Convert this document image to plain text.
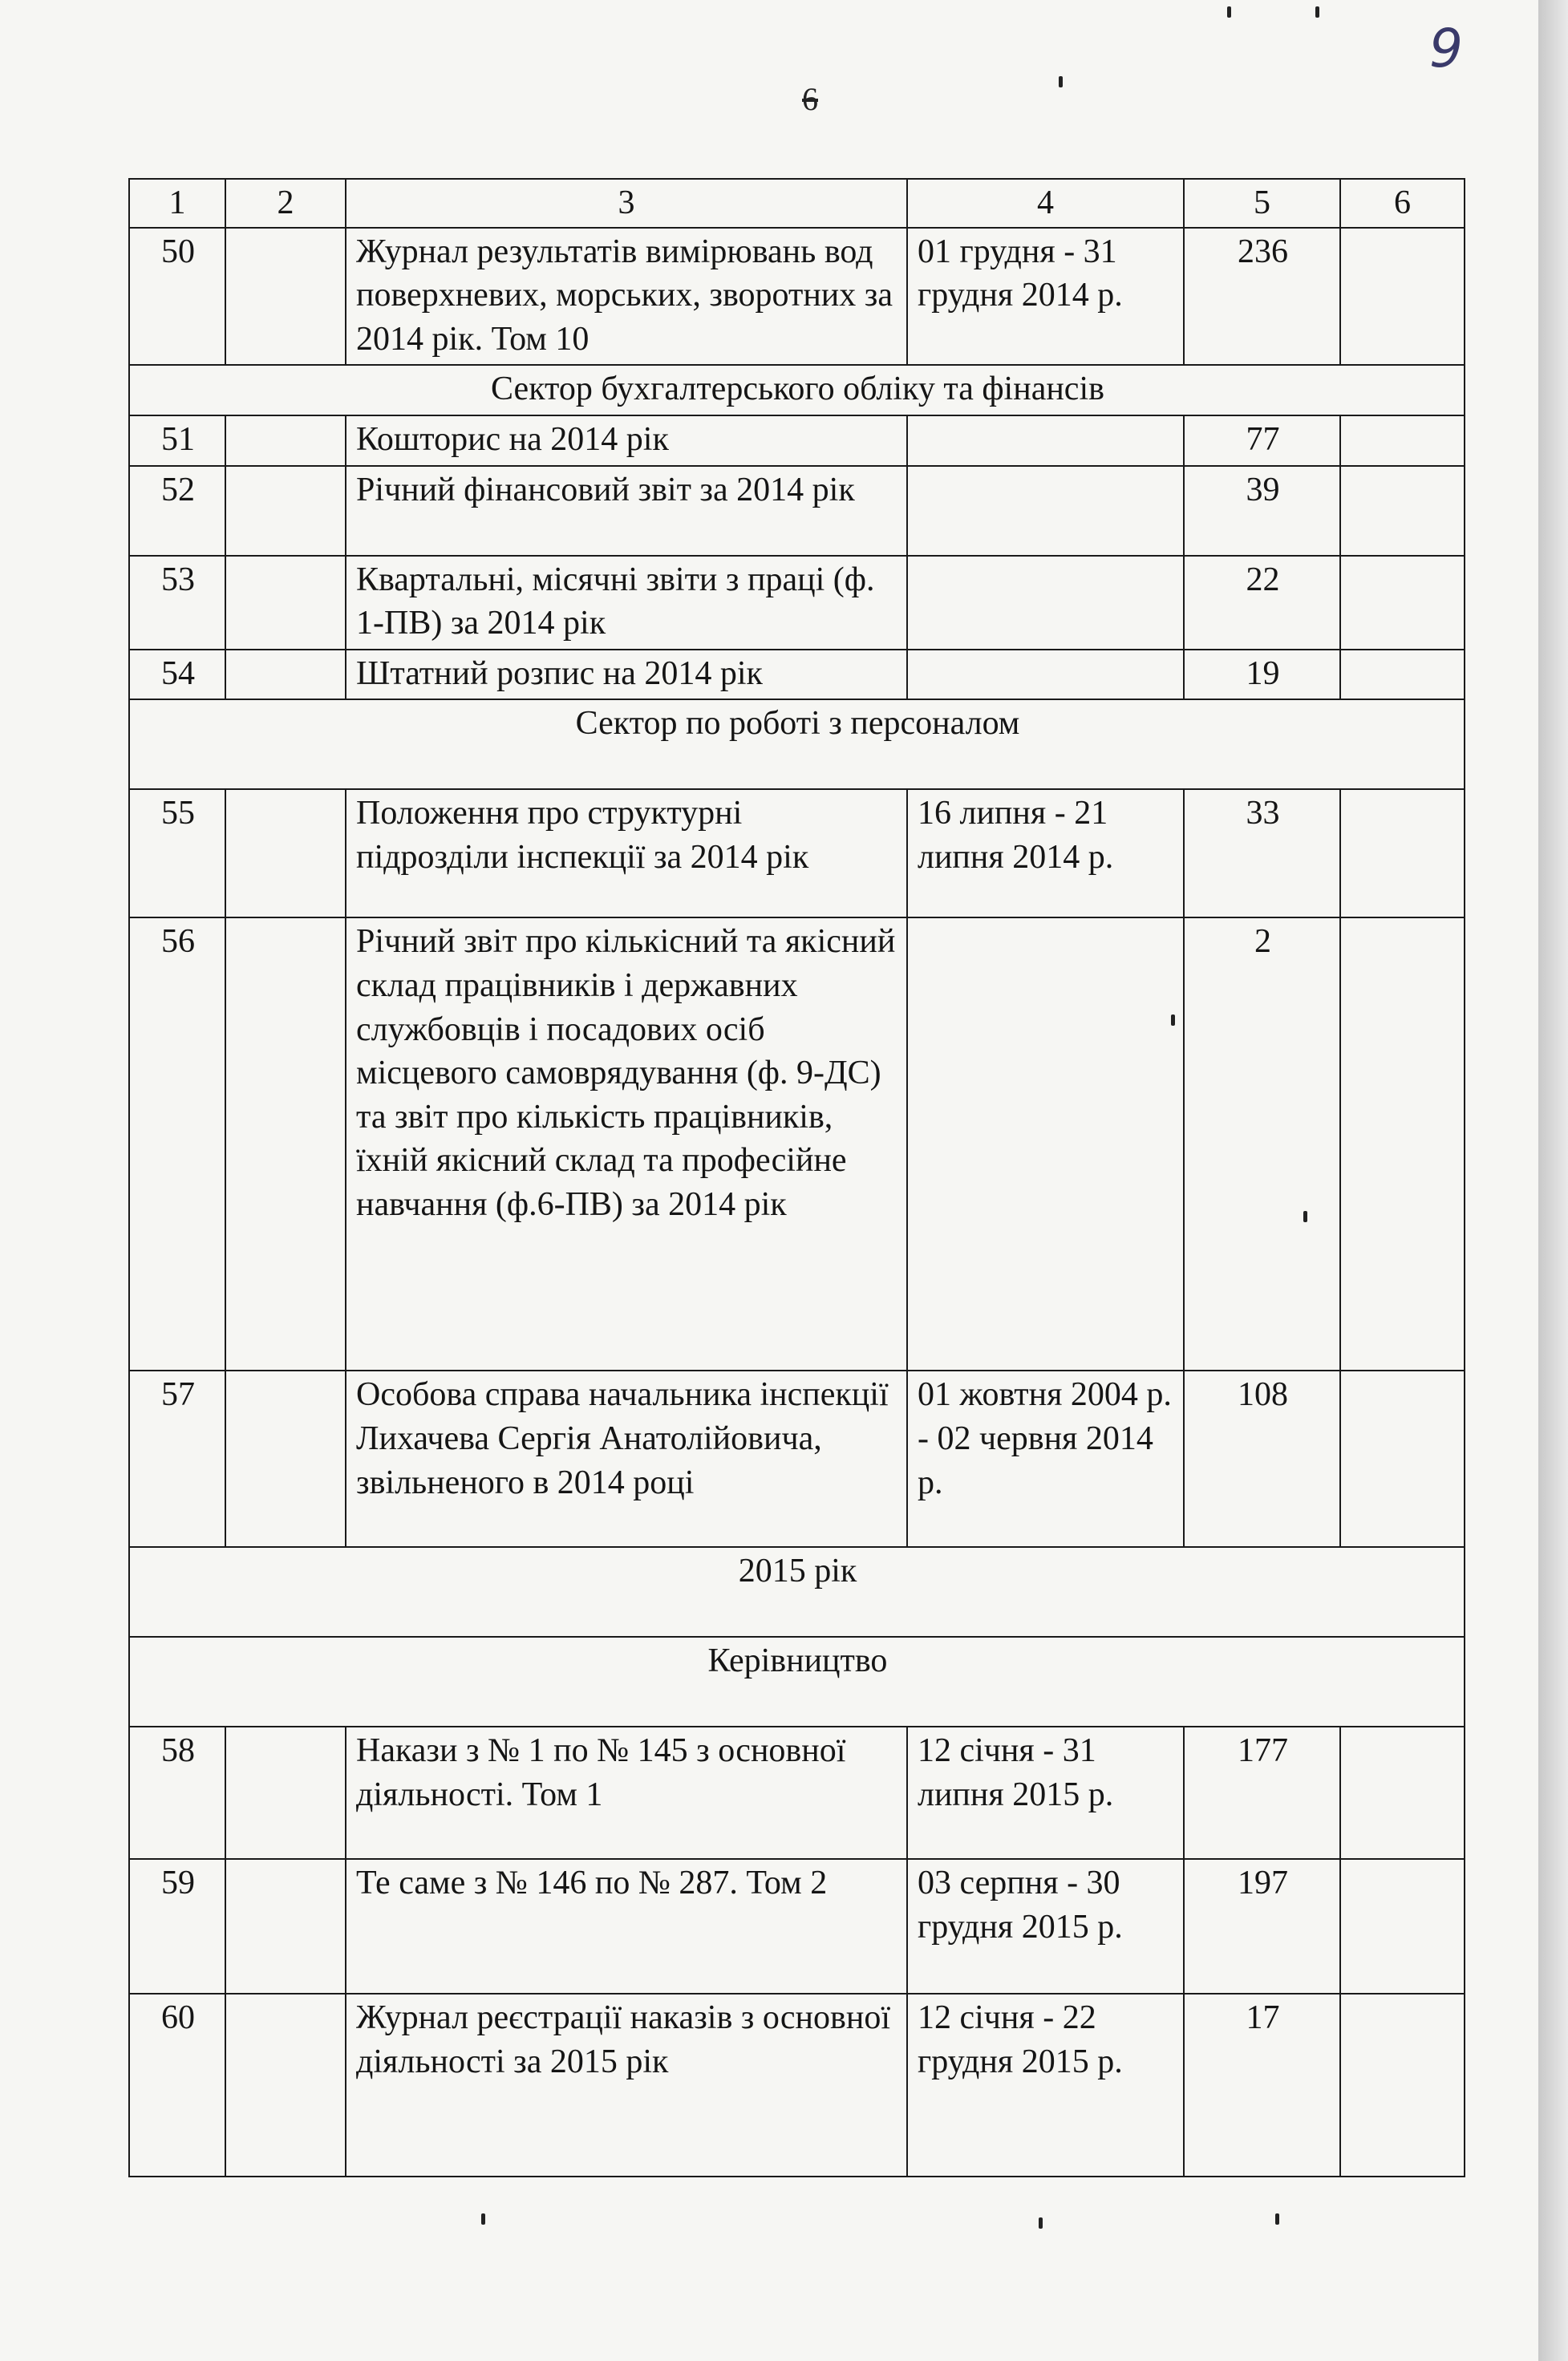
9
6
1	2	3	4	5	6
50		Журнал результатів вимірювань вод поверхневих, морських, зворотних за 2014 рік. Том 10	01 грудня - 31 грудня 2014 р.	236	
Сектор бухгалтерського обліку та фінансів					
51		Кошторис на 2014 рік		77	
52		Річний фінансовий звіт за 2014 рік		39	
53		Квартальні, місячні звіти з праці (ф. 1-ПВ) за 2014 рік		22	
54		Штатний розпис на 2014 рік		19	
Сектор по роботі з персоналом					
55		Положення про структурні підрозділи інспекції за 2014 рік	16 липня - 21 липня 2014 р.	33	
56		Річний звіт про кількісний та якісний склад працівників і державних службовців і посадових осіб місцевого самоврядування (ф. 9-ДС) та звіт про кількість працівників, їхній якісний склад та професійне навчання (ф.6-ПВ) за 2014 рік		2	
57		Особова справа начальника інспекції Лихачева Сергія Анатолійовича, звільненого в 2014 році	01 жовтня 2004 р. - 02 червня 2014 р.	108	
2015 рік					
Керівництво					
58		Накази з № 1 по № 145 з основної діяльності. Том 1	12 січня - 31 липня 2015 р.	177	
59		Те саме з № 146 по № 287. Том 2	03 серпня - 30 грудня 2015 р.	197	
60		Журнал реєстрації наказів з основної діяльності за 2015 рік	12 січня - 22 грудня 2015 р.	17	
